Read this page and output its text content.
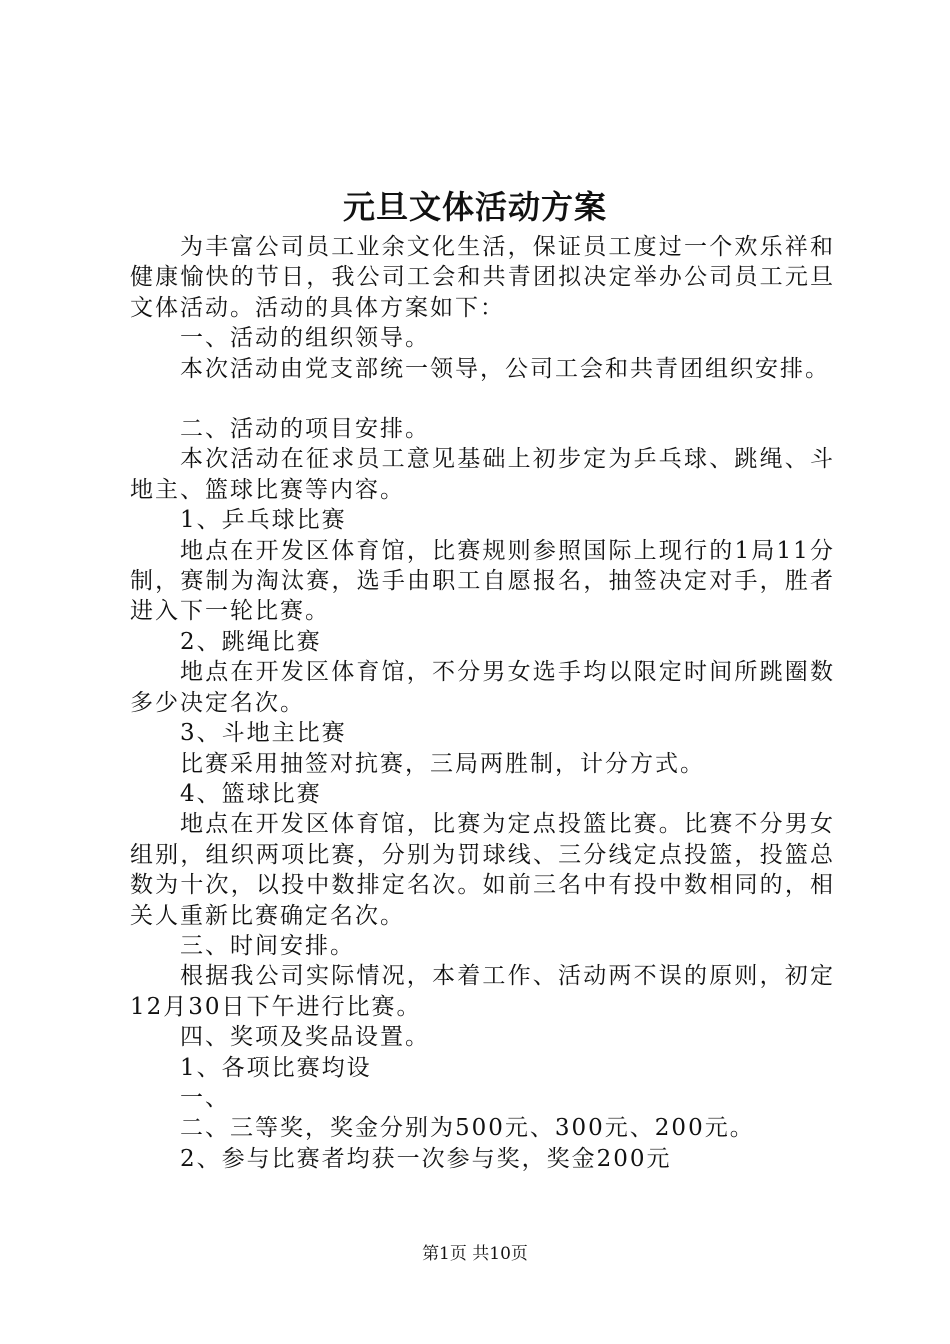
元旦文体活动方案

为丰富公司员工业余文化生活，保证员工度过一个欢乐祥和健康愉快的节日，我公司工会和共青团拟决定举办公司员工元旦文体活动。活动的具体方案如下：

一、活动的组织领导。

本次活动由党支部统一领导，公司工会和共青团组织安排。

二、活动的项目安排。

本次活动在征求员工意见基础上初步定为乒乓球、跳绳、斗地主、篮球比赛等内容。

1、乒乓球比赛

地点在开发区体育馆，比赛规则参照国际上现行的1局11分制，赛制为淘汰赛，选手由职工自愿报名，抽签决定对手，胜者进入下一轮比赛。

2、跳绳比赛

地点在开发区体育馆，不分男女选手均以限定时间所跳圈数多少决定名次。

3、斗地主比赛

比赛采用抽签对抗赛，三局两胜制，计分方式。

4、篮球比赛

地点在开发区体育馆，比赛为定点投篮比赛。比赛不分男女组别，组织两项比赛，分别为罚球线、三分线定点投篮，投篮总数为十次，以投中数排定名次。如前三名中有投中数相同的，相关人重新比赛确定名次。

三、时间安排。

根据我公司实际情况，本着工作、活动两不误的原则，初定12月30日下午进行比赛。

四、奖项及奖品设置。

1、各项比赛均设

一、

二、三等奖，奖金分别为500元、300元、200元。

2、参与比赛者均获一次参与奖，奖金200元

第1页 共10页
